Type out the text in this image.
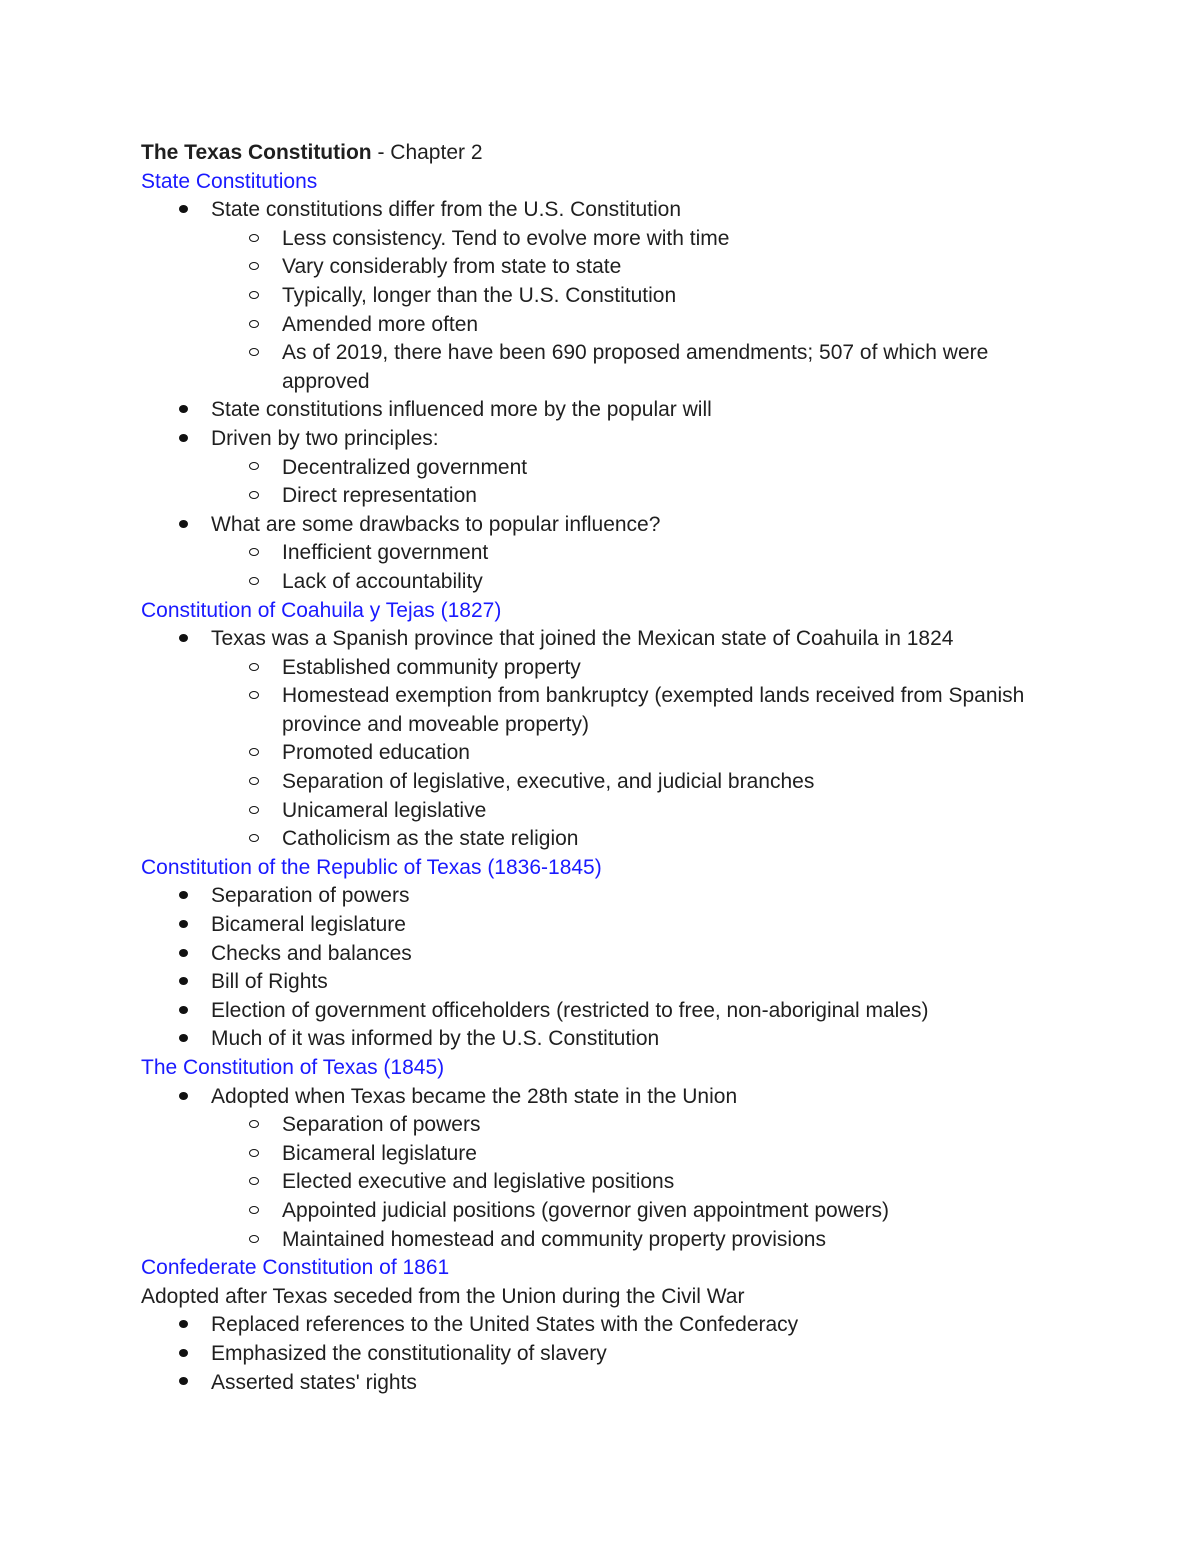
The Texas Constitution - Chapter 2
State Constitutions
State constitutions differ from the U.S. Constitution
Less consistency. Tend to evolve more with time
Vary considerably from state to state
Typically, longer than the U.S. Constitution
Amended more often
As of 2019, there have been 690 proposed amendments; 507 of which were approved
State constitutions influenced more by the popular will
Driven by two principles:
Decentralized government
Direct representation
What are some drawbacks to popular influence?
Inefficient government
Lack of accountability
Constitution of Coahuila y Tejas (1827)
Texas was a Spanish province that joined the Mexican state of Coahuila in 1824
Established community property
Homestead exemption from bankruptcy (exempted lands received from Spanish province and moveable property)
Promoted education
Separation of legislative, executive, and judicial branches
Unicameral legislative
Catholicism as the state religion
Constitution of the Republic of Texas (1836-1845)
Separation of powers
Bicameral legislature
Checks and balances
Bill of Rights
Election of government officeholders (restricted to free, non-aboriginal males)
Much of it was informed by the U.S. Constitution
The Constitution of Texas (1845)
Adopted when Texas became the 28th state in the Union
Separation of powers
Bicameral legislature
Elected executive and legislative positions
Appointed judicial positions (governor given appointment powers)
Maintained homestead and community property provisions
Confederate Constitution of 1861
Adopted after Texas seceded from the Union during the Civil War
Replaced references to the United States with the Confederacy
Emphasized the constitutionality of slavery
Asserted states' rights
